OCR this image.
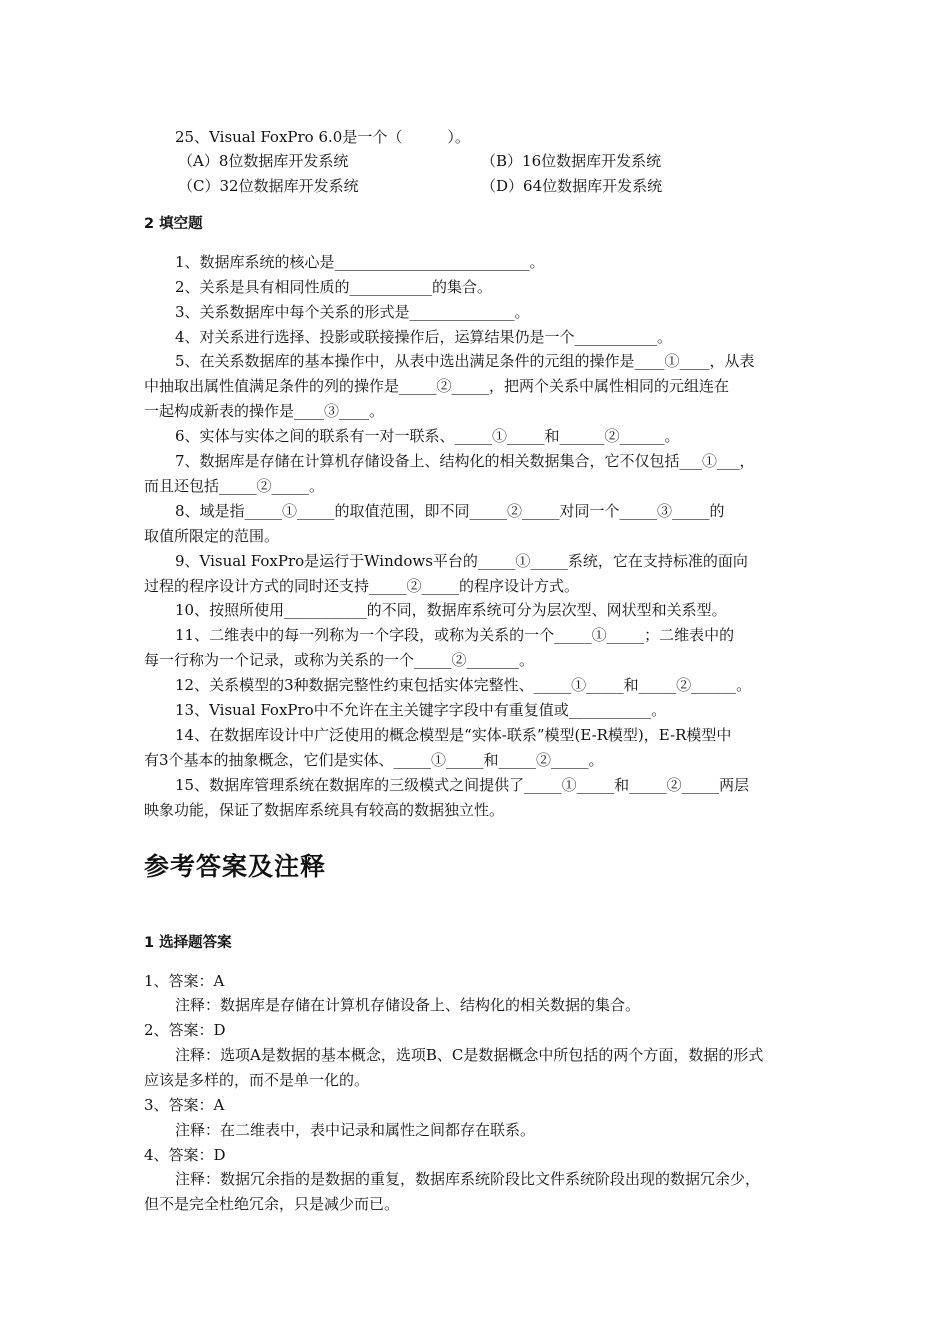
25、Visual FoxPro 6.0是一个（　　　）。
（A）8位数据库开发系统	（B）16位数据库开发系统
（C）32位数据库开发系统	（D）64位数据库开发系统
2 填空题
1、数据库系统的核心是__________________________。
2、关系是具有相同性质的___________的集合。
3、关系数据库中每个关系的形式是______________。
4、对关系进行选择、投影或联接操作后，运算结果仍是一个___________。
5、在关系数据库的基本操作中，从表中选出满足条件的元组的操作是____①____，从表
中抽取出属性值满足条件的列的操作是_____②_____，把两个关系中属性相同的元组连在
一起构成新表的操作是____③____。
6、实体与实体之间的联系有一对一联系、_____①_____和______②______。
7、数据库是存储在计算机存储设备上、结构化的相关数据集合，它不仅包括___①___，
而且还包括_____②_____。
8、域是指_____①_____的取值范围，即不同_____②_____对同一个_____③_____的
取值所限定的范围。
9、Visual FoxPro是运行于Windows平台的_____①_____系统，它在支持标准的面向
过程的程序设计方式的同时还支持_____②_____的程序设计方式。
10、按照所使用___________的不同，数据库系统可分为层次型、网状型和关系型。
11、二维表中的每一列称为一个字段，或称为关系的一个_____①_____；二维表中的
每一行称为一个记录，或称为关系的一个_____②_______。
12、关系模型的3种数据完整性约束包括实体完整性、_____①_____和_____②______。
13、Visual FoxPro中不允许在主关键字字段中有重复值或___________。
14、在数据库设计中广泛使用的概念模型是“实体-联系”模型(E-R模型)，E-R模型中
有3个基本的抽象概念，它们是实体、_____①_____和_____②_____。
15、数据库管理系统在数据库的三级模式之间提供了_____①_____和_____②_____两层
映象功能，保证了数据库系统具有较高的数据独立性。
参考答案及注释
1 选择题答案
1、答案：A
注释：数据库是存储在计算机存储设备上、结构化的相关数据的集合。
2、答案：D
注释：选项A是数据的基本概念，选项B、C是数据概念中所包括的两个方面，数据的形式
应该是多样的，而不是单一化的。
3、答案：A
注释：在二维表中，表中记录和属性之间都存在联系。
4、答案：D
注释：数据冗余指的是数据的重复，数据库系统阶段比文件系统阶段出现的数据冗余少，
但不是完全杜绝冗余，只是减少而已。
